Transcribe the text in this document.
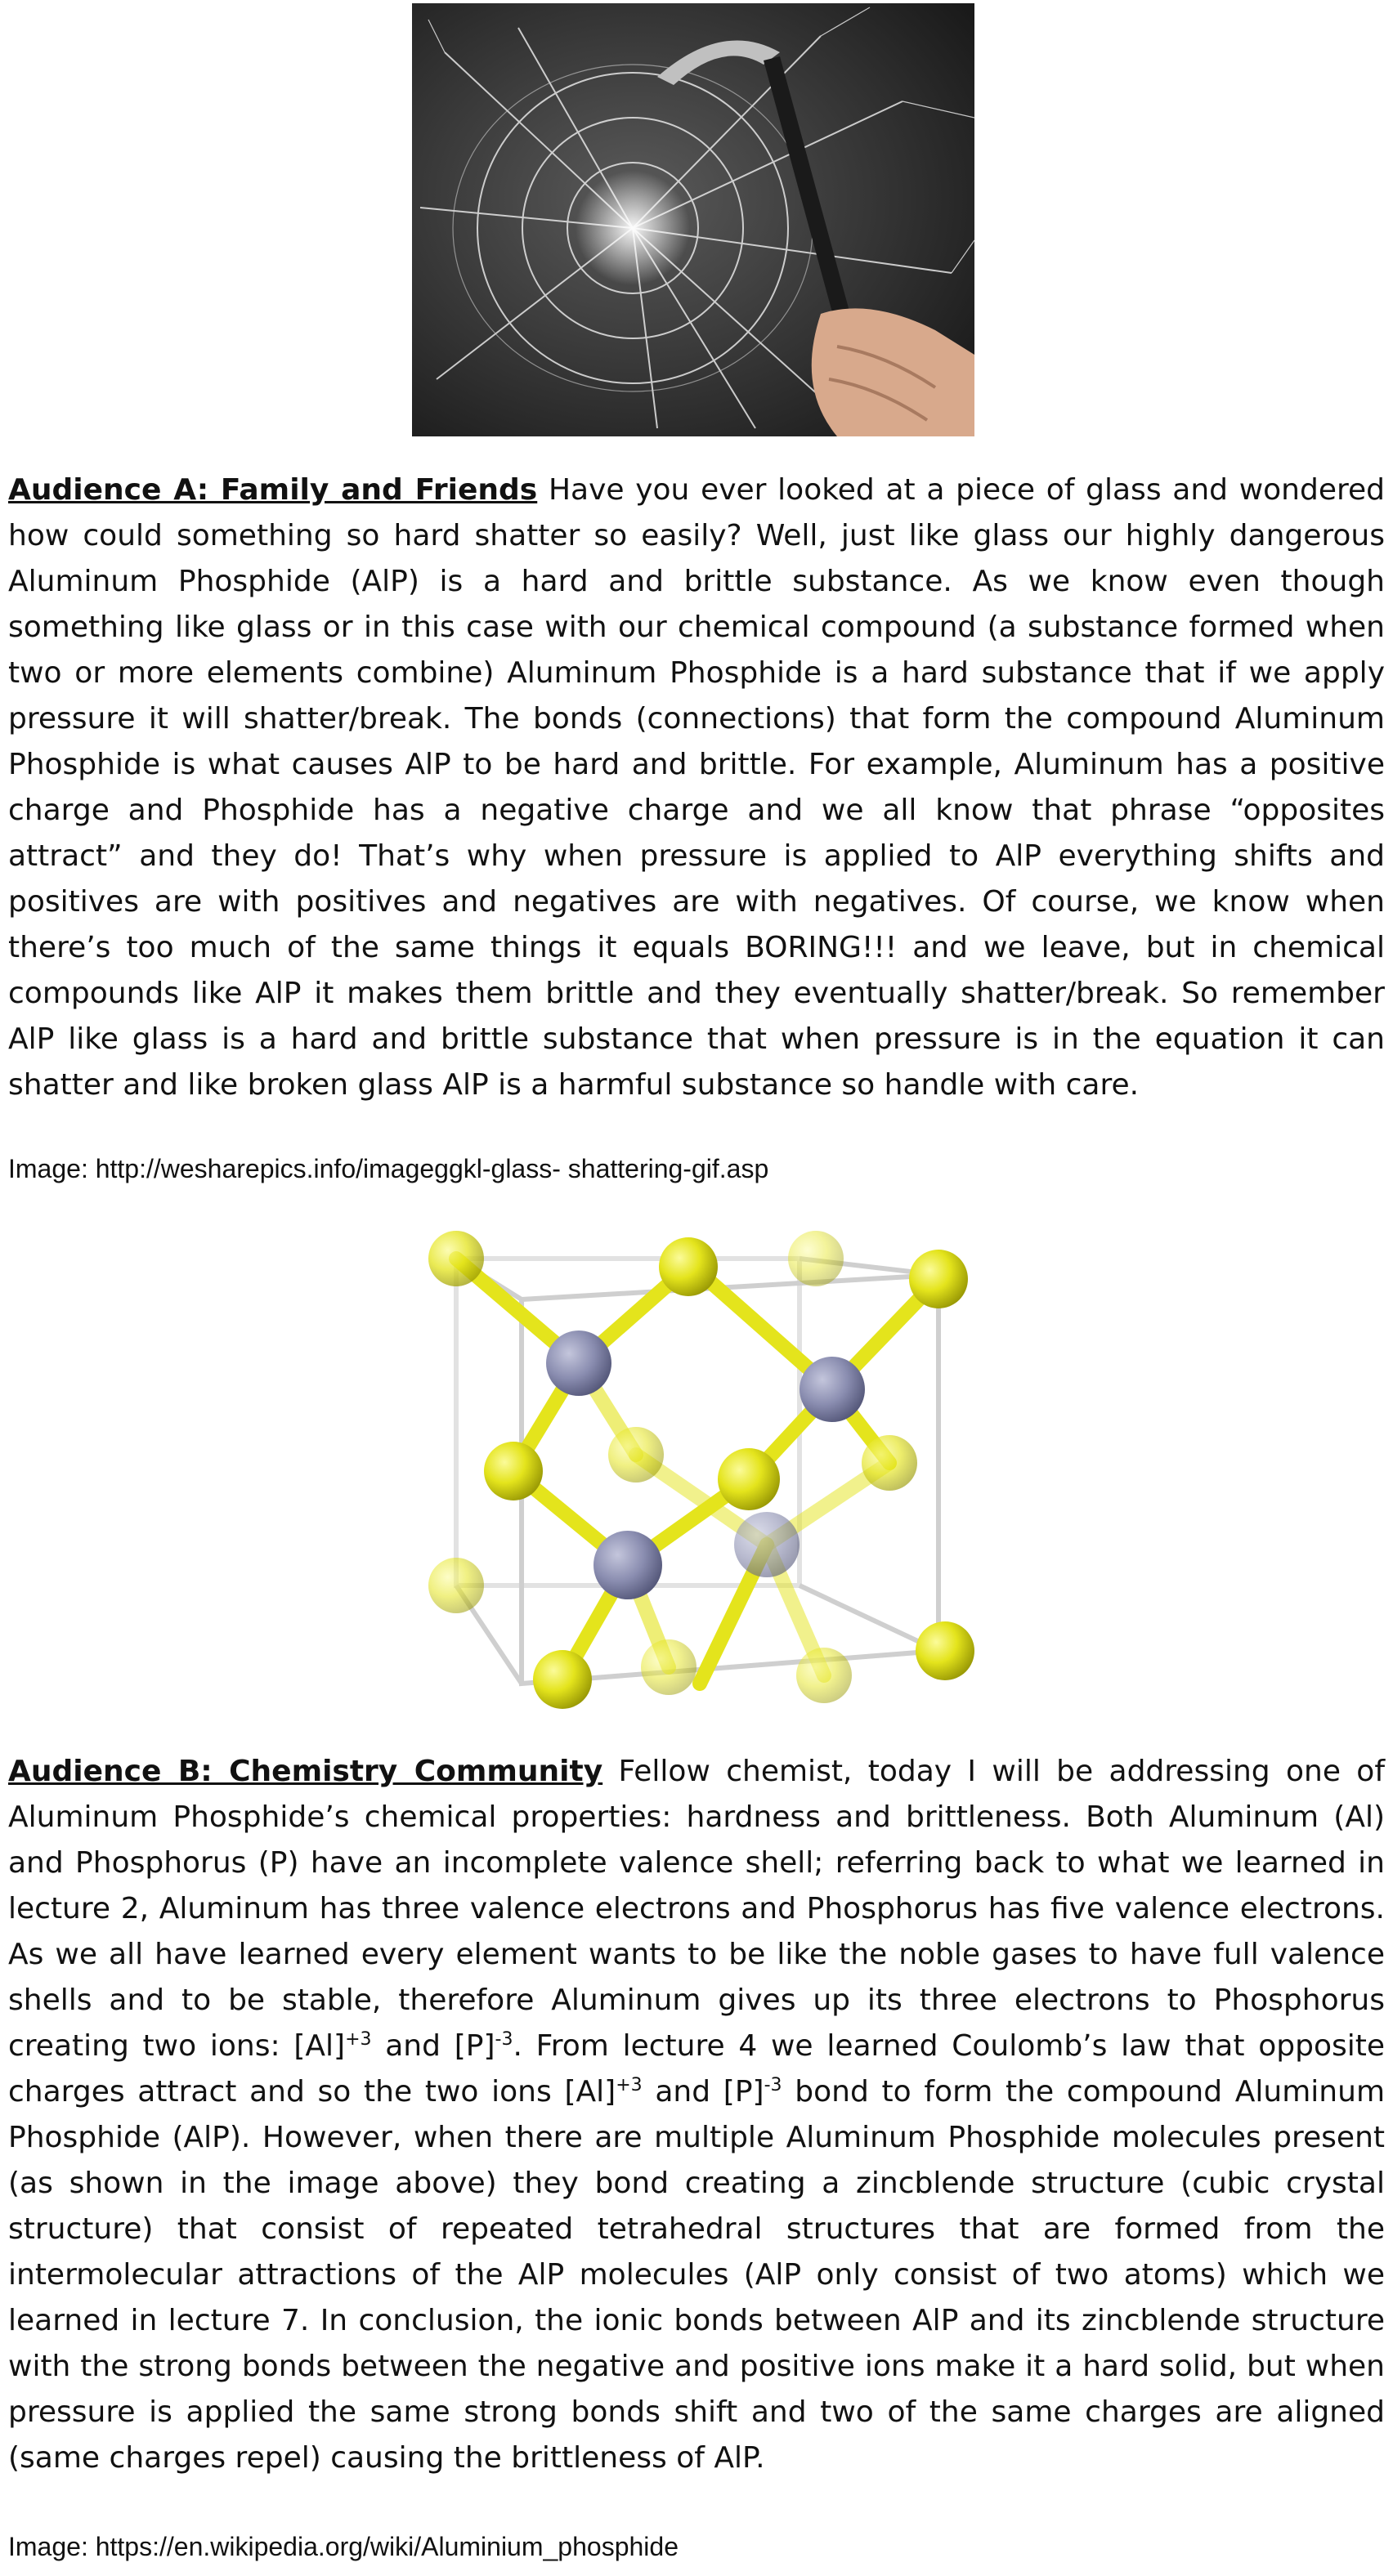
Audience A: Family and Friends Have you ever looked at a piece of glass and wondered how could something so hard shatter so easily? Well, just like glass our highly dangerous Aluminum Phosphide (AlP) is a hard and brittle substance. As we know even though something like glass or in this case with our chemical compound (a substance formed when two or more elements combine) Aluminum Phosphide is a hard substance that if we apply pressure it will shatter/break. The bonds (connections) that form the compound Aluminum Phosphide is what causes AlP to be hard and brittle. For example, Aluminum has a positive charge and Phosphide has a negative charge and we all know that phrase “opposites attract” and they do! That’s why when pressure is applied to AlP everything shifts and positives are with positives and negatives are with negatives. Of course, we know when there’s too much of the same things it equals BORING!!! and we leave, but in chemical compounds like AlP it makes them brittle and they eventually shatter/break. So remember AlP like glass is a hard and brittle substance that when pressure is in the equation it can shatter and like broken glass AlP is a harmful substance so handle with care.

Image: http://wesharepics.info/imageggkl-glass- shattering-gif.asp

Audience B: Chemistry Community Fellow chemist, today I will be addressing one of Aluminum Phosphide’s chemical properties: hardness and brittleness. Both Aluminum (Al) and Phosphorus (P) have an incomplete valence shell; referring back to what we learned in lecture 2, Aluminum has three valence electrons and Phosphorus has five valence electrons. As we all have learned every element wants to be like the noble gases to have full valence shells and to be stable, therefore Aluminum gives up its three electrons to Phosphorus creating two ions: $[Al]^{+3}$ and $[P]^{-3}$. From lecture 4 we learned Coulomb’s law that opposite charges attract and so the two ions $[Al]^{+3}$ and $[P]^{-3}$ bond to form the compound Aluminum Phosphide (AlP). However, when there are multiple Aluminum Phosphide molecules present (as shown in the image above) they bond creating a zincblende structure (cubic crystal structure) that consist of repeated tetrahedral structures that are formed from the intermolecular attractions of the AlP molecules (AlP only consist of two atoms) which we learned in lecture 7. In conclusion, the ionic bonds between AlP and its zincblende structure with the strong bonds between the negative and positive ions make it a hard solid, but when pressure is applied the same strong bonds shift and two of the same charges are aligned (same charges repel) causing the brittleness of AlP.

Image: https://en.wikipedia.org/wiki/Aluminium_phosphide
